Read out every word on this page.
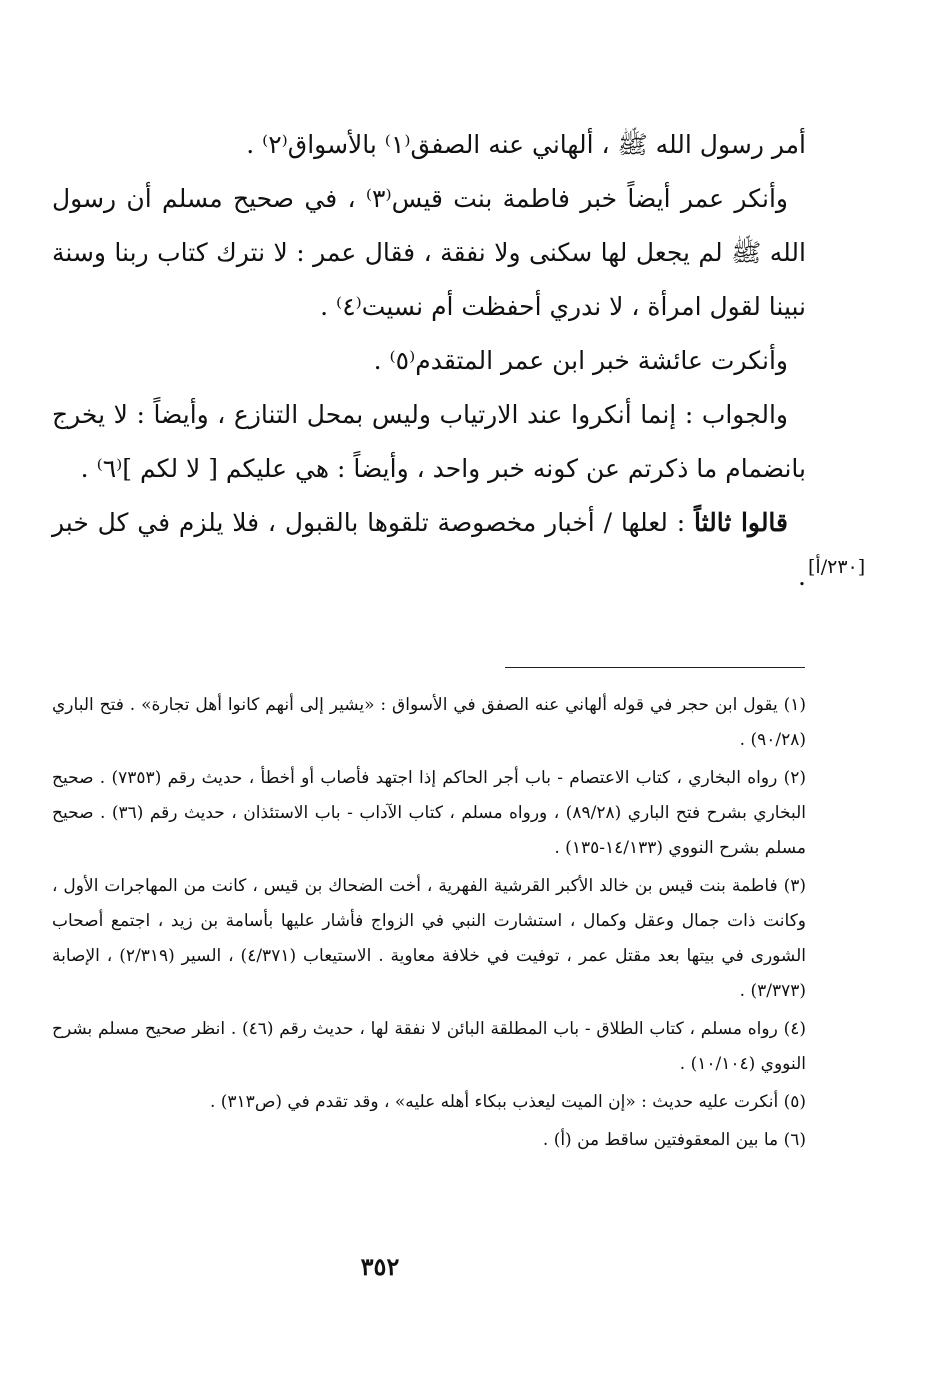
[٢٣٠/أ]

أمر رسول الله ﷺ ، ألهاني عنه الصفق⁽١⁾ بالأسواق⁽٢⁾ .

وأنكر عمر أيضاً خبر فاطمة بنت قيس⁽٣⁾ ، في صحيح مسلم أن رسول الله ﷺ لم يجعل لها سكنى ولا نفقة ، فقال عمر : لا نترك كتاب ربنا وسنة نبينا لقول امرأة ، لا ندري أحفظت أم نسيت⁽٤⁾ .

وأنكرت عائشة خبر ابن عمر المتقدم⁽٥⁾ .

والجواب : إنما أنكروا عند الارتياب وليس بمحل التنازع ، وأيضاً : لا يخرج بانضمام ما ذكرتم عن كونه خبر واحد ، وأيضاً : هي عليكم [ لا لكم ]⁽٦⁾ .

قالوا ثالثاً : لعلها / أخبار مخصوصة تلقوها بالقبول ، فلا يلزم في كل خبر .

(١) يقول ابن حجر في قوله ألهاني عنه الصفق في الأسواق : «يشير إلى أنهم كانوا أهل تجارة» . فتح الباري (٩٠/٢٨) .

(٢) رواه البخاري ، كتاب الاعتصام - باب أجر الحاكم إذا اجتهد فأصاب أو أخطأ ، حديث رقم (٧٣٥٣) . صحيح البخاري بشرح فتح الباري (٨٩/٢٨) ، ورواه مسلم ، كتاب الآداب - باب الاستئذان ، حديث رقم (٣٦) . صحيح مسلم بشرح النووي (١٤/١٣٣-١٣٥) .

(٣) فاطمة بنت قيس بن خالد الأكبر القرشية الفهرية ، أخت الضحاك بن قيس ، كانت من المهاجرات الأول ، وكانت ذات جمال وعقل وكمال ، استشارت النبي في الزواج فأشار عليها بأسامة بن زيد ، اجتمع أصحاب الشورى في بيتها بعد مقتل عمر ، توفيت في خلافة معاوية . الاستيعاب (٤/٣٧١) ، السير (٢/٣١٩) ، الإصابة (٣/٣٧٣) .

(٤) رواه مسلم ، كتاب الطلاق - باب المطلقة البائن لا نفقة لها ، حديث رقم (٤٦) . انظر صحيح مسلم بشرح النووي (١٠/١٠٤) .

(٥) أنكرت عليه حديث : «إن الميت ليعذب ببكاء أهله عليه» ، وقد تقدم في (ص٣١٣) .

(٦) ما بين المعقوفتين ساقط من (أ) .

٣٥٢
